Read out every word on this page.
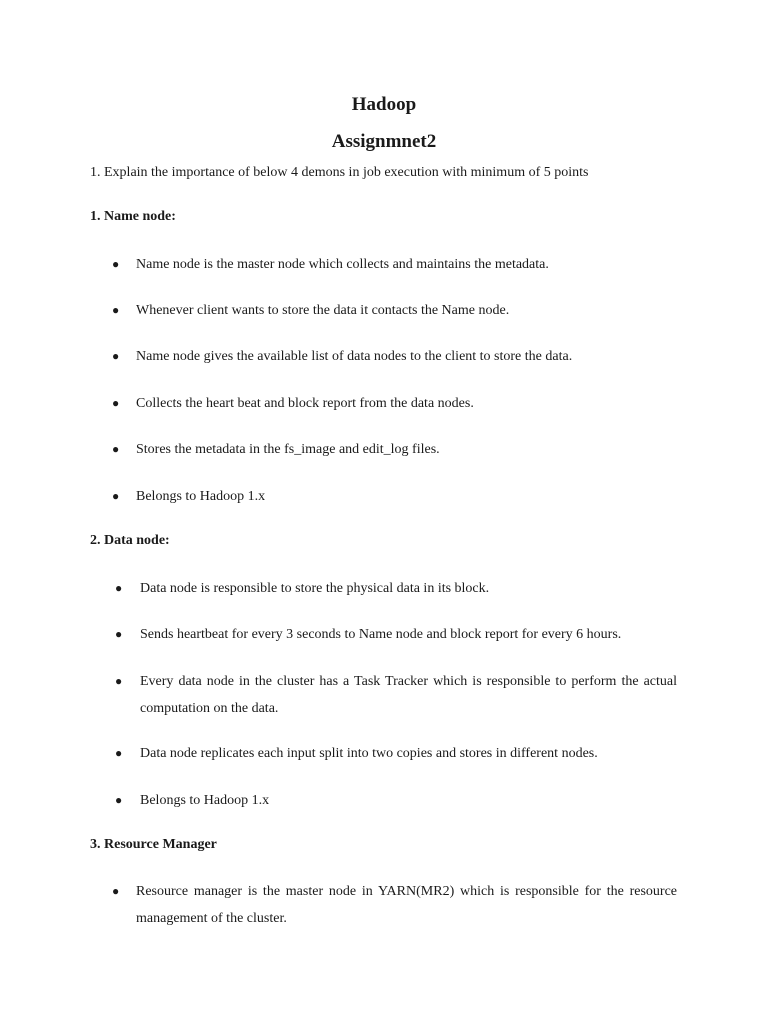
Hadoop
Assignmnet2

1. Explain the importance of below 4 demons in job execution with minimum of 5 points

1. Name node:

● Name node is the master node which collects and maintains the metadata.
● Whenever client wants to store the data it contacts the Name node.
● Name node gives the available list of data nodes to the client to store the data.
● Collects the heart beat and block report from the data nodes.
● Stores the metadata in the fs_image and edit_log files.
● Belongs to Hadoop 1.x

2. Data node:

● Data node is responsible to store the physical data in its block.
● Sends heartbeat for every 3 seconds to Name node and block report for every 6 hours.
● Every data node in the cluster has a Task Tracker which is responsible to perform the actual computation on the data.
● Data node replicates each input split into two copies and stores in different nodes.
● Belongs to Hadoop 1.x

3. Resource Manager

● Resource manager is the master node in YARN(MR2) which is responsible for the resource management of the cluster.
